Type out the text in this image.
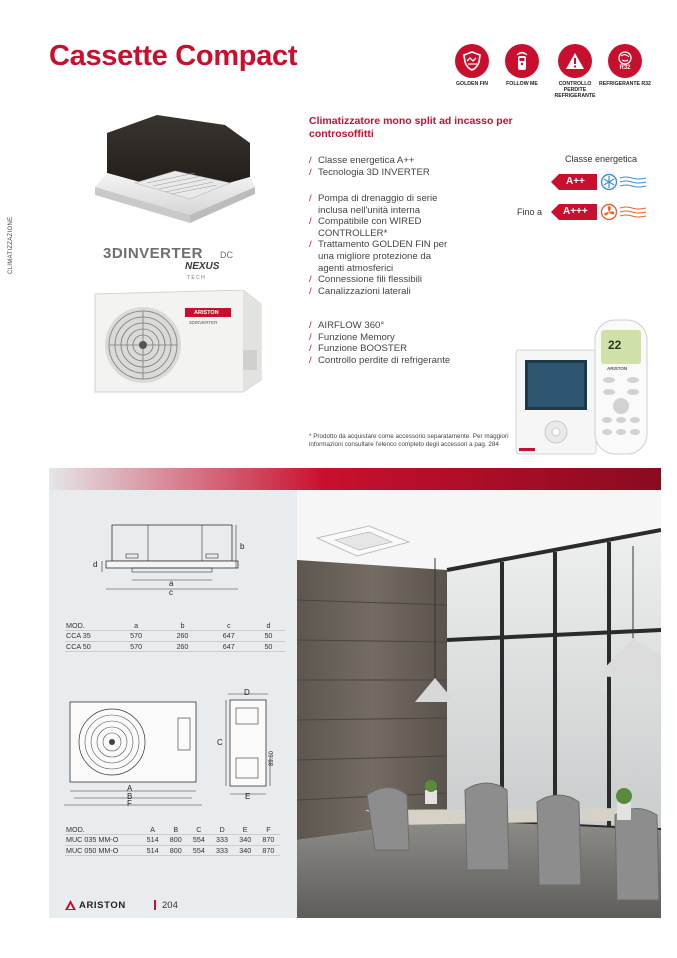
Cassette Compact
CLIMATIZZAZIONE
GOLDEN FIN	FOLLOW ME	CONTROLLO PERDITE REFRIGERANTE
R32
REFRIGERANTE R32
3DINVERTER DC
NEXUS
T E C H
ARISTON
3DINVERTER
Climatizzatore mono split ad incasso per controsoffitti
/ Classe energetica A++
/ Tecnologia 3D INVERTER
/ Pompa di drenaggio di serie inclusa nell'unità interna
/ Compatibile con WIRED CONTROLLER*
/ Trattamento GOLDEN FIN per una migliore protezione da agenti atmosferici
/ Connessione fili flessibili
/ Canalizzazioni laterali
/ AIRFLOW 360°
/ Funzione Memory
/ Funzione BOOSTER
/ Controllo perdite di refrigerante
Classe energetica
A++
Fino a A+++
22
ARISTON
* Prodotto da acquistare come accessorio separatamente. Per maggiori informazioni consultare l'elenco completo degli accessori a pag. 284
a
c
b
d
MOD.	a	b	c	d
CCA 35	570	260	647	50
CCA 50	570	260	647	50
A
B
F
D
C
E
89.60
MOD.	A	B	C	D	E	F
MUC 035 MM-O	514	800	554	333	340	870
MUC 050 MM-O	514	800	554	333	340	870
ARISTON	204
